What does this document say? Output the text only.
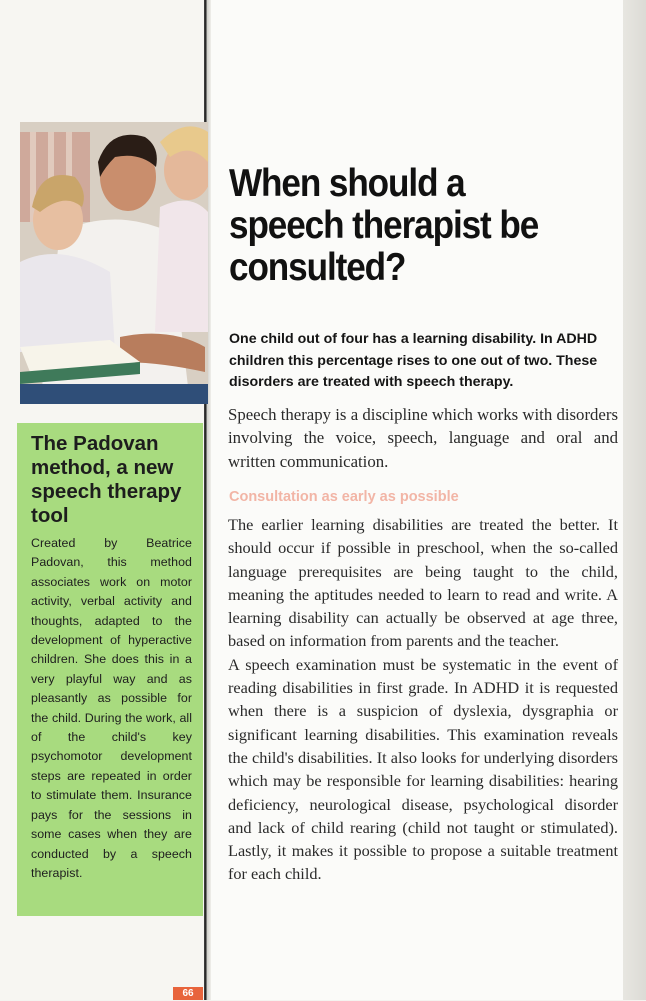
The Padovan method, a new speech therapy tool

Created by Beatrice Padovan, this method associates work on motor activity, verbal activity and thoughts, adapted to the development of hyperactive children. She does this in a very playful way and as pleasantly as possible for the child. During the work, all of the child's key psychomotor development steps are repeated in order to stimulate them. Insurance pays for the sessions in some cases when they are conducted by a speech therapist.

When should a speech therapist be consulted?

One child out of four has a learning disability. In ADHD children this percentage rises to one out of two. These disorders are treated with speech therapy.

Speech therapy is a discipline which works with disorders involving the voice, speech, language and oral and written communication.

Consultation as early as possible

The earlier learning disabilities are treated the better. It should occur if possible in preschool, when the so-called language prerequisites are being taught to the child, meaning the aptitudes needed to learn to read and write. A learning disability can actually be observed at age three, based on information from parents and the teacher.

A speech examination must be systematic in the event of reading disabilities in first grade. In ADHD it is requested when there is a suspicion of dyslexia, dysgraphia or significant learning disabilities. This examination reveals the child's disabilities. It also looks for underlying disorders which may be responsible for learning disabilities: hearing deficiency, neurological disease, psychological disorder and lack of child rearing (child not taught or stimulated). Lastly, it makes it possible to propose a suitable treatment for each child.

66
